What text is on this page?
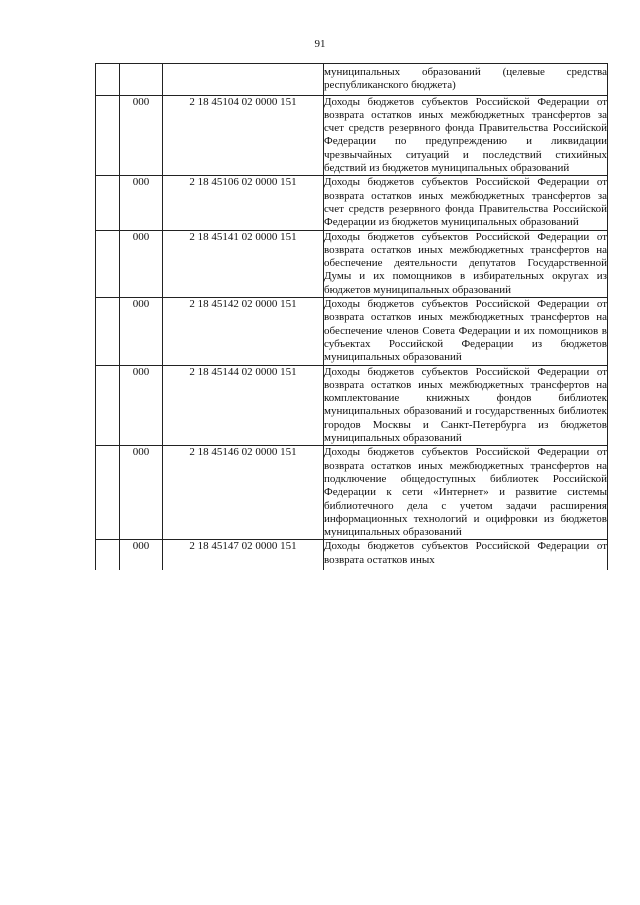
91
			муниципальных образований (целевые средства республиканского бюджета)
	000	2 18 45104 02 0000 151	Доходы бюджетов субъектов Российской Федерации от возврата остатков иных межбюджетных трансфертов за счет средств резервного фонда Правительства Российской Федерации по предупреждению и ликвидации чрезвычайных ситуаций и последствий стихийных бедствий из бюджетов муниципальных образований
	000	2 18 45106 02 0000 151	Доходы бюджетов субъектов Российской Федерации от возврата остатков иных межбюджетных трансфертов за счет средств резервного фонда Правительства Российской Федерации из бюджетов муниципальных образований
	000	2 18 45141 02 0000 151	Доходы бюджетов субъектов Российской Федерации от возврата остатков иных межбюджетных трансфертов на обеспечение деятельности депутатов Государственной Думы и их помощников в избирательных округах из бюджетов муниципальных образований
	000	2 18 45142 02 0000 151	Доходы бюджетов субъектов Российской Федерации от возврата остатков иных межбюджетных трансфертов на обеспечение членов Совета Федерации и их помощников в субъектах Российской Федерации из бюджетов муниципальных образований
	000	2 18 45144 02 0000 151	Доходы бюджетов субъектов Российской Федерации от возврата остатков иных межбюджетных трансфертов на комплектование книжных фондов библиотек муниципальных образований и государственных библиотек городов Москвы и Санкт-Петербурга из бюджетов муниципальных образований
	000	2 18 45146 02 0000 151	Доходы бюджетов субъектов Российской Федерации от возврата остатков иных межбюджетных трансфертов на подключение общедоступных библиотек Российской Федерации к сети «Интернет» и развитие системы библиотечного дела с учетом задачи расширения информационных технологий и оцифровки из бюджетов муниципальных образований
	000	2 18 45147 02 0000 151	Доходы бюджетов субъектов Российской Федерации от возврата остатков иных
